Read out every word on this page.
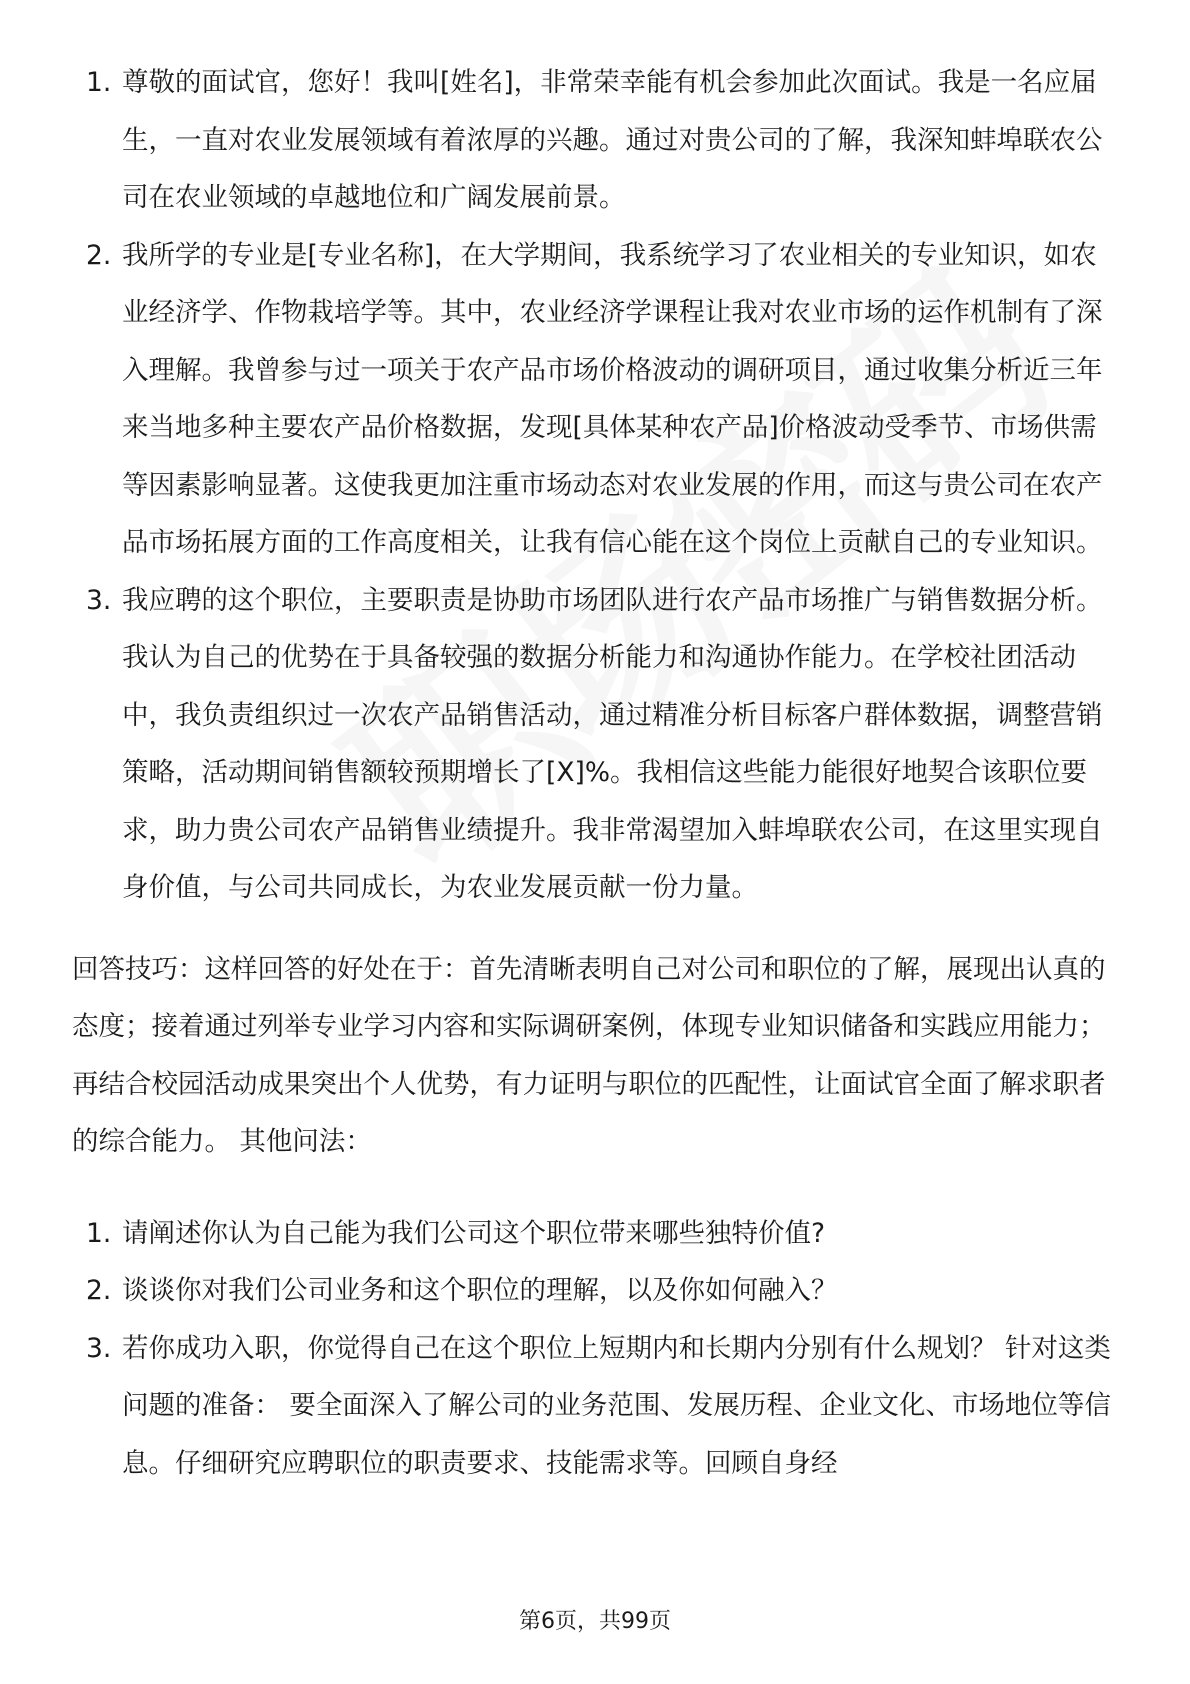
1. 尊敬的面试官，您好！我叫[姓名]，非常荣幸能有机会参加此次面试。我是一名应届生，一直对农业发展领域有着浓厚的兴趣。通过对贵公司的了解，我深知蚌埠联农公司在农业领域的卓越地位和广阔发展前景。
2. 我所学的专业是[专业名称]，在大学期间，我系统学习了农业相关的专业知识，如农业经济学、作物栽培学等。其中，农业经济学课程让我对农业市场的运作机制有了深入理解。我曾参与过一项关于农产品市场价格波动的调研项目，通过收集分析近三年来当地多种主要农产品价格数据，发现[具体某种农产品]价格波动受季节、市场供需等因素影响显著。这使我更加注重市场动态对农业发展的作用，而这与贵公司在农产品市场拓展方面的工作高度相关，让我有信心能在这个岗位上贡献自己的专业知识。
3. 我应聘的这个职位，主要职责是协助市场团队进行农产品市场推广与销售数据分析。我认为自己的优势在于具备较强的数据分析能力和沟通协作能力。在学校社团活动中，我负责组织过一次农产品销售活动，通过精准分析目标客户群体数据，调整营销策略，活动期间销售额较预期增长了[X]%。我相信这些能力能很好地契合该职位要求，助力贵公司农产品销售业绩提升。我非常渴望加入蚌埠联农公司，在这里实现自身价值，与公司共同成长，为农业发展贡献一份力量。

回答技巧：这样回答的好处在于：首先清晰表明自己对公司和职位的了解，展现出认真的态度；接着通过列举专业学习内容和实际调研案例，体现专业知识储备和实践应用能力；再结合校园活动成果突出个人优势，有力证明与职位的匹配性，让面试官全面了解求职者的综合能力。 其他问法：

1. 请阐述你认为自己能为我们公司这个职位带来哪些独特价值?
2. 谈谈你对我们公司业务和这个职位的理解，以及你如何融入？
3. 若你成功入职，你觉得自己在这个职位上短期内和长期内分别有什么规划？ 针对这类问题的准备： 要全面深入了解公司的业务范围、发展历程、企业文化、市场地位等信息。仔细研究应聘职位的职责要求、技能需求等。回顾自身经
第6页，共99页
